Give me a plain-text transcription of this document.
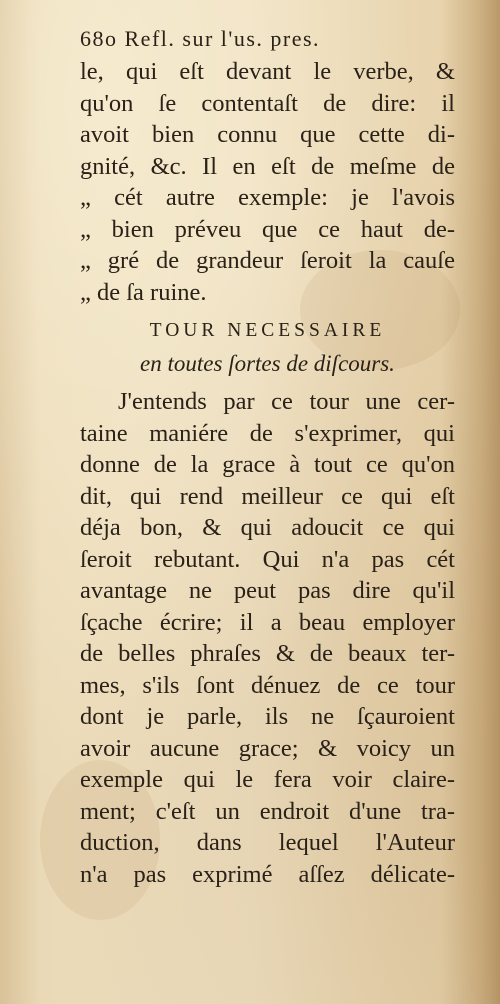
68o Refl. sur l'us. pres.
le, qui eſt devant le verbe, &
qu'on ſe contentaſt de dire: il
avoit bien connu que cette di-
gnité, &c. Il en eſt de meſme de
„ cét autre exemple: je l'avois
„ bien préveu que ce haut de-
„ gré de grandeur ſeroit la cauſe
„ de ſa ruine.
TOUR NECESSAIRE
en toutes ſortes de diſcours.
J'entends par ce tour une cer-
taine maniére de s'exprimer, qui
donne de la grace à tout ce qu'on
dit, qui rend meilleur ce qui eſt
déja bon, & qui adoucit ce qui
ſeroit rebutant. Qui n'a pas cét
avantage ne peut pas dire qu'il
ſçache écrire; il a beau employer
de belles phraſes & de beaux ter-
mes, s'ils ſont dénuez de ce tour
dont je parle, ils ne ſçauroient
avoir aucune grace; & voicy un
exemple qui le fera voir claire-
ment; c'eſt un endroit d'une tra-
duction, dans lequel l'Auteur
n'a pas exprimé aſſez délicate-
